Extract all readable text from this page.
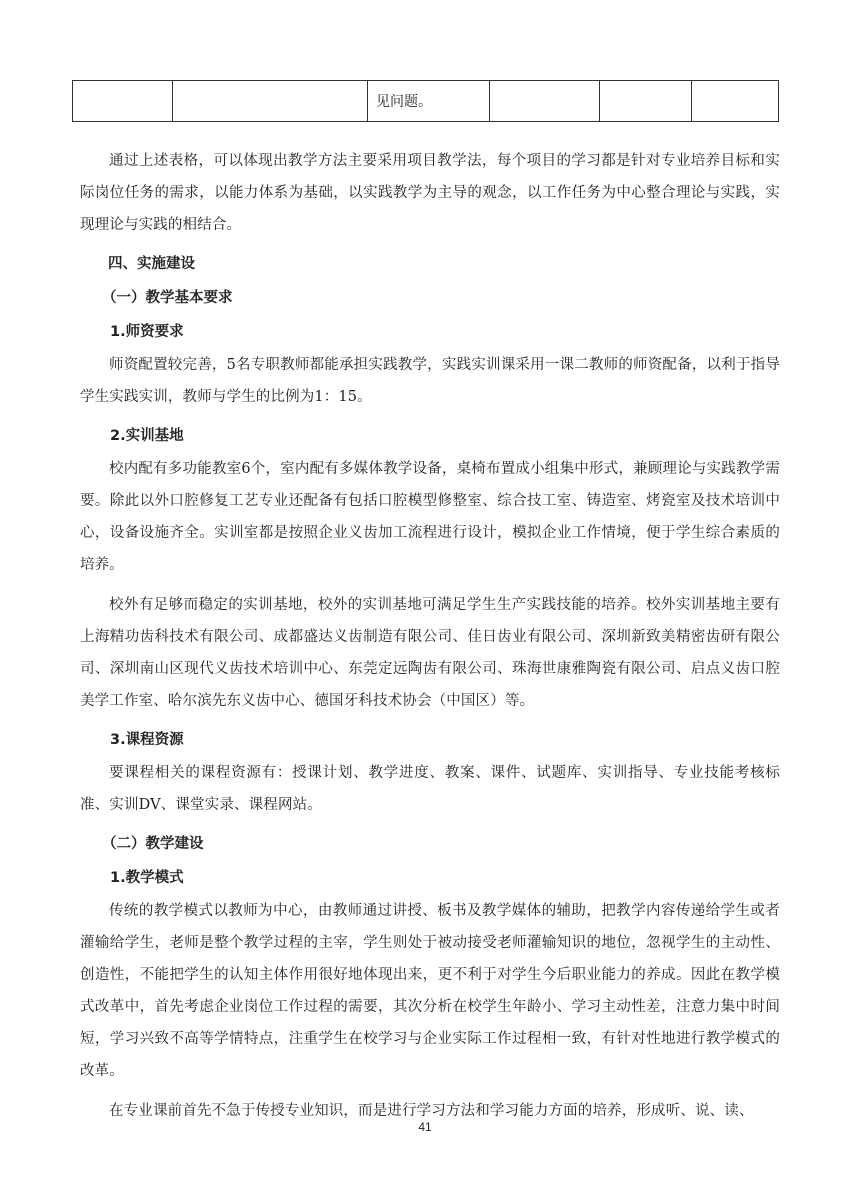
		见问题。			

通过上述表格，可以体现出教学方法主要采用项目教学法，每个项目的学习都是针对专业培养目标和实际岗位任务的需求，以能力体系为基础，以实践教学为主导的观念，以工作任务为中心整合理论与实践，实现理论与实践的相结合。

四、实施建设

（一）教学基本要求

1.师资要求

师资配置较完善，5名专职教师都能承担实践教学，实践实训课采用一课二教师的师资配备，以利于指导学生实践实训，教师与学生的比例为1：15。

2.实训基地

校内配有多功能教室6个，室内配有多媒体教学设备，桌椅布置成小组集中形式，兼顾理论与实践教学需要。除此以外口腔修复工艺专业还配备有包括口腔模型修整室、综合技工室、铸造室、烤瓷室及技术培训中心，设备设施齐全。实训室都是按照企业义齿加工流程进行设计，模拟企业工作情境，便于学生综合素质的培养。

校外有足够而稳定的实训基地，校外的实训基地可满足学生生产实践技能的培养。校外实训基地主要有上海精功齿科技术有限公司、成都盛达义齿制造有限公司、佳日齿业有限公司、深圳新致美精密齿研有限公司、深圳南山区现代义齿技术培训中心、东莞定远陶齿有限公司、珠海世康雅陶瓷有限公司、启点义齿口腔美学工作室、哈尔滨先东义齿中心、德国牙科技术协会（中国区）等。

3.课程资源

要课程相关的课程资源有：授课计划、教学进度、教案、课件、试题库、实训指导、专业技能考核标准、实训DV、课堂实录、课程网站。

（二）教学建设

1.教学模式

传统的教学模式以教师为中心，由教师通过讲授、板书及教学媒体的辅助，把教学内容传递给学生或者灌输给学生，老师是整个教学过程的主宰，学生则处于被动接受老师灌输知识的地位，忽视学生的主动性、创造性，不能把学生的认知主体作用很好地体现出来，更不利于对学生今后职业能力的养成。因此在教学模式改革中，首先考虑企业岗位工作过程的需要，其次分析在校学生年龄小、学习主动性差，注意力集中时间短，学习兴致不高等学情特点，注重学生在校学习与企业实际工作过程相一致，有针对性地进行教学模式的改革。

在专业课前首先不急于传授专业知识，而是进行学习方法和学习能力方面的培养，形成听、说、读、

41
